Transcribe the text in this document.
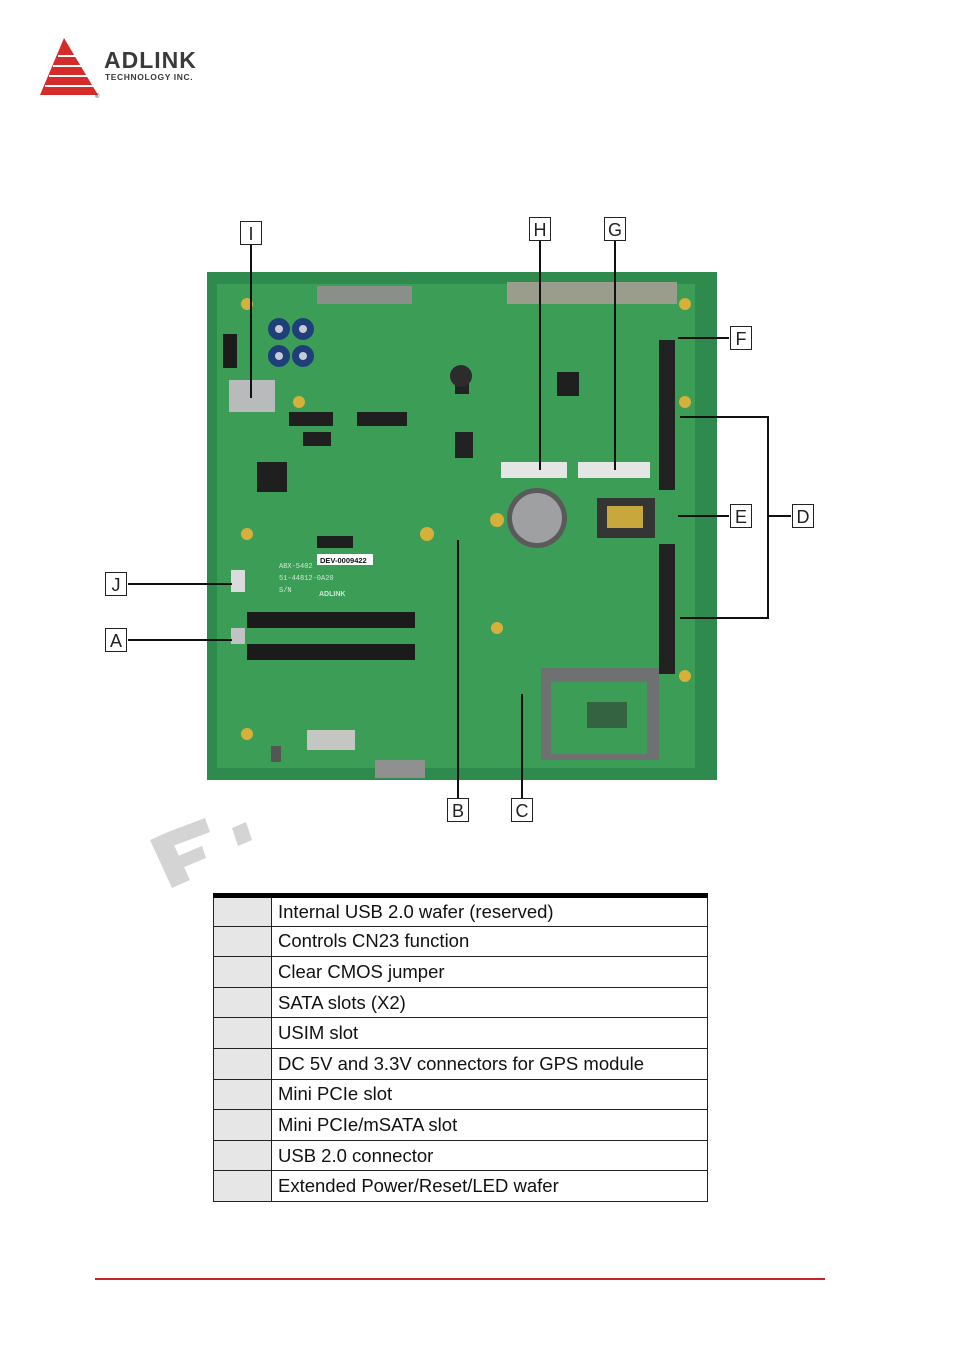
®
ADLINK
TECHNOLOGY INC.
DEV-0009422
ABX-5402
51-44812-0A20
S/N	ADLINK
I	H	G
F
E	D
J
A
B	C
	Internal USB 2.0 wafer (reserved)
	Controls CN23 function
	Clear CMOS jumper
	SATA slots (X2)
	USIM slot
	DC 5V and 3.3V connectors for GPS module
	Mini PCIe slot
	Mini PCIe/mSATA slot
	USB 2.0 connector
	Extended Power/Reset/LED wafer
